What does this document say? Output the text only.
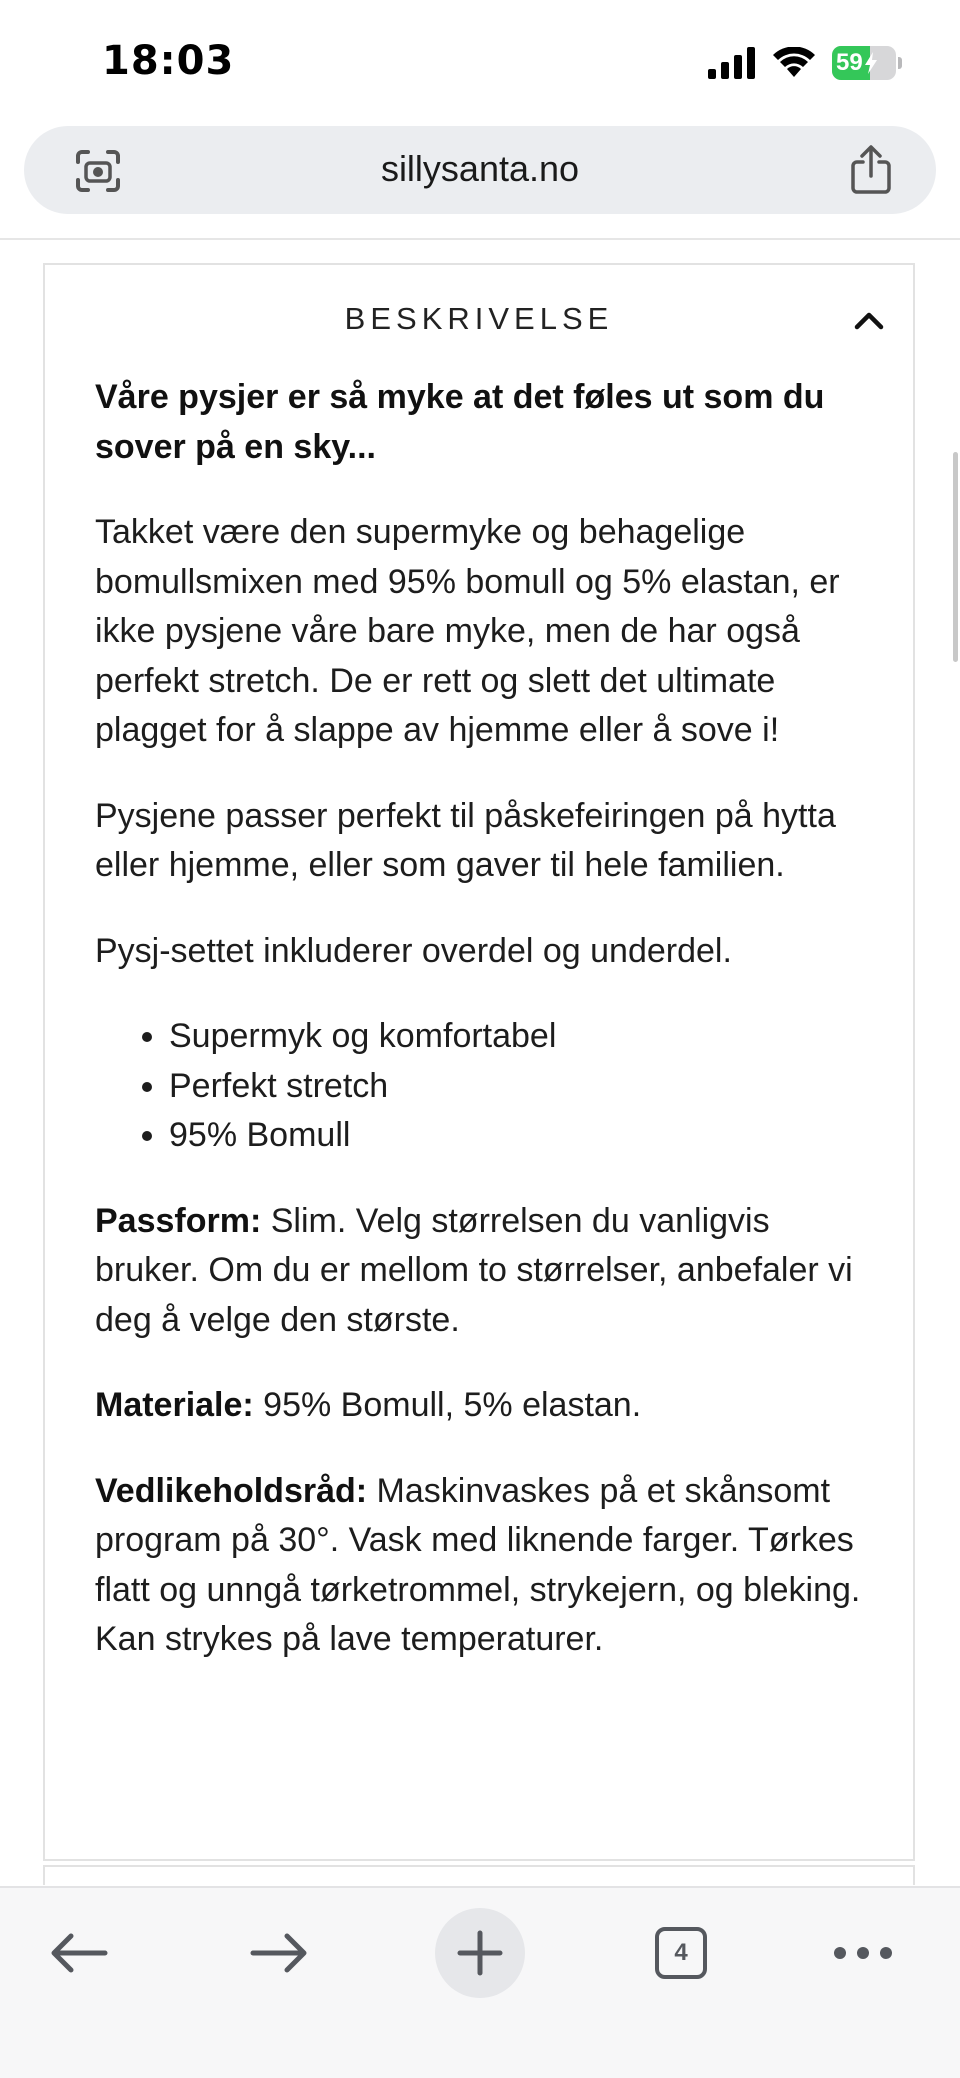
18:03	59
sillysanta.no
BESKRIVELSE

Våre pysjer er så myke at det føles ut som du sover på en sky...

Takket være den supermyke og behagelige bomullsmixen med 95% bomull og 5% elastan, er ikke pysjene våre bare myke, men de har også perfekt stretch. De er rett og slett det ultimate plagget for å slappe av hjemme eller å sove i!

Pysjene passer perfekt til påskefeiringen på hytta eller hjemme, eller som gaver til hele familien.

Pysj-settet inkluderer overdel og underdel.

• Supermyk og komfortabel
• Perfekt stretch
• 95% Bomull

Passform: Slim. Velg størrelsen du vanligvis bruker. Om du er mellom to størrelser, anbefaler vi deg å velge den største.

Materiale: 95% Bomull, 5% elastan.

Vedlikeholdsråd: Maskinvaskes på et skånsomt program på 30°. Vask med liknende farger. Tørkes flatt og unngå tørketrommel, strykejern, og bleking. Kan strykes på lave temperaturer.

4
